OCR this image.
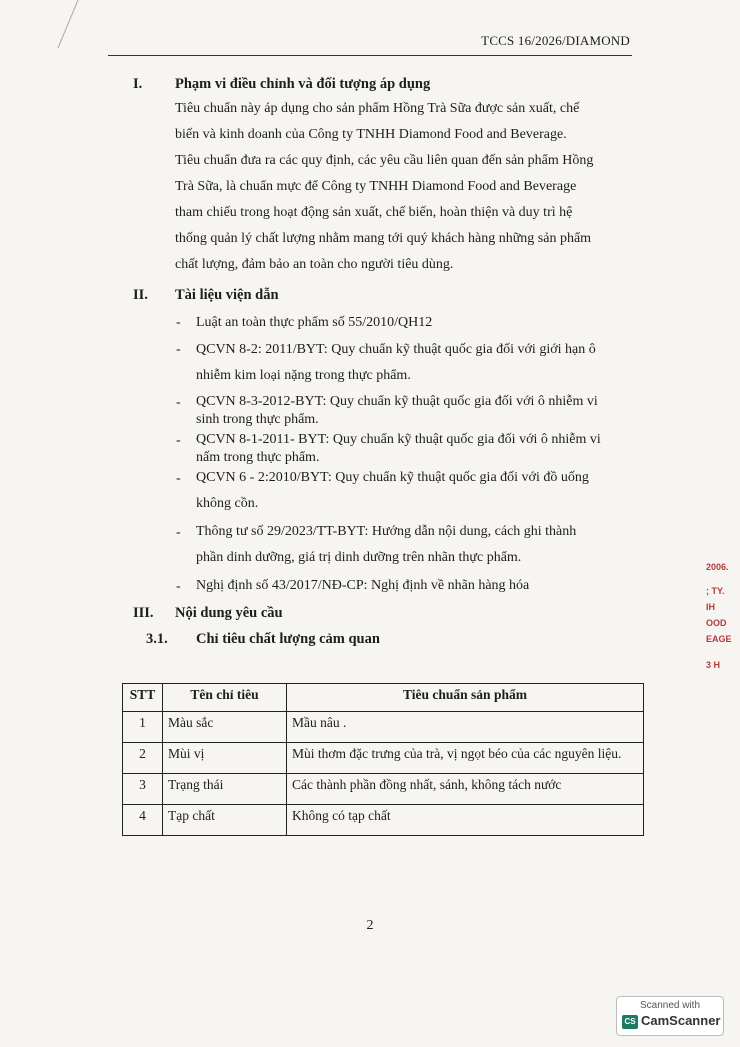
TCCS 16/2026/DIAMOND
I. Phạm vi điều chỉnh và đối tượng áp dụng
Tiêu chuẩn này áp dụng cho sản phẩm Hồng Trà Sữa được sản xuất, chế
biến và kinh doanh của Công ty TNHH Diamond Food and Beverage.
Tiêu chuẩn đưa ra các quy định, các yêu cầu liên quan đến sản phẩm Hồng
Trà Sữa, là chuẩn mực để Công ty TNHH Diamond Food and Beverage
tham chiếu trong hoạt động sản xuất, chế biến, hoàn thiện và duy trì hệ
thống quản lý chất lượng nhằm mang tới quý khách hàng những sản phẩm
chất lượng, đảm bảo an toàn cho người tiêu dùng.
II. Tài liệu viện dẫn
- Luật an toàn thực phẩm số 55/2010/QH12
- QCVN 8-2: 2011/BYT: Quy chuẩn kỹ thuật quốc gia đối với giới hạn ô
nhiễm kim loại nặng trong thực phẩm.
- QCVN 8-3-2012-BYT: Quy chuẩn kỹ thuật quốc gia đối với ô nhiễm vi
sinh trong thực phẩm.
- QCVN 8-1-2011- BYT: Quy chuẩn kỹ thuật quốc gia đối với ô nhiễm vi
nấm trong thực phẩm.
- QCVN 6 - 2:2010/BYT: Quy chuẩn kỹ thuật quốc gia đối với đồ uống
không cồn.
- Thông tư số 29/2023/TT-BYT: Hướng dẫn nội dung, cách ghi thành
phần dinh dưỡng, giá trị dinh dưỡng trên nhãn thực phẩm.
- Nghị định số 43/2017/NĐ-CP: Nghị định về nhãn hàng hóa
III. Nội dung yêu cầu
3.1. Chỉ tiêu chất lượng cảm quan
STT	Tên chỉ tiêu	Tiêu chuẩn sản phẩm
1	Màu sắc	Mầu nâu .
2	Mùi vị	Mùi thơm đặc trưng của trà, vị ngọt béo của các nguyên liệu.
3	Trạng thái	Các thành phần đồng nhất, sánh, không tách nước
4	Tạp chất	Không có tạp chất
2
2006.
; TY.
IH
OOD
EAGE
3 H
Scanned with
CS CamScanner
